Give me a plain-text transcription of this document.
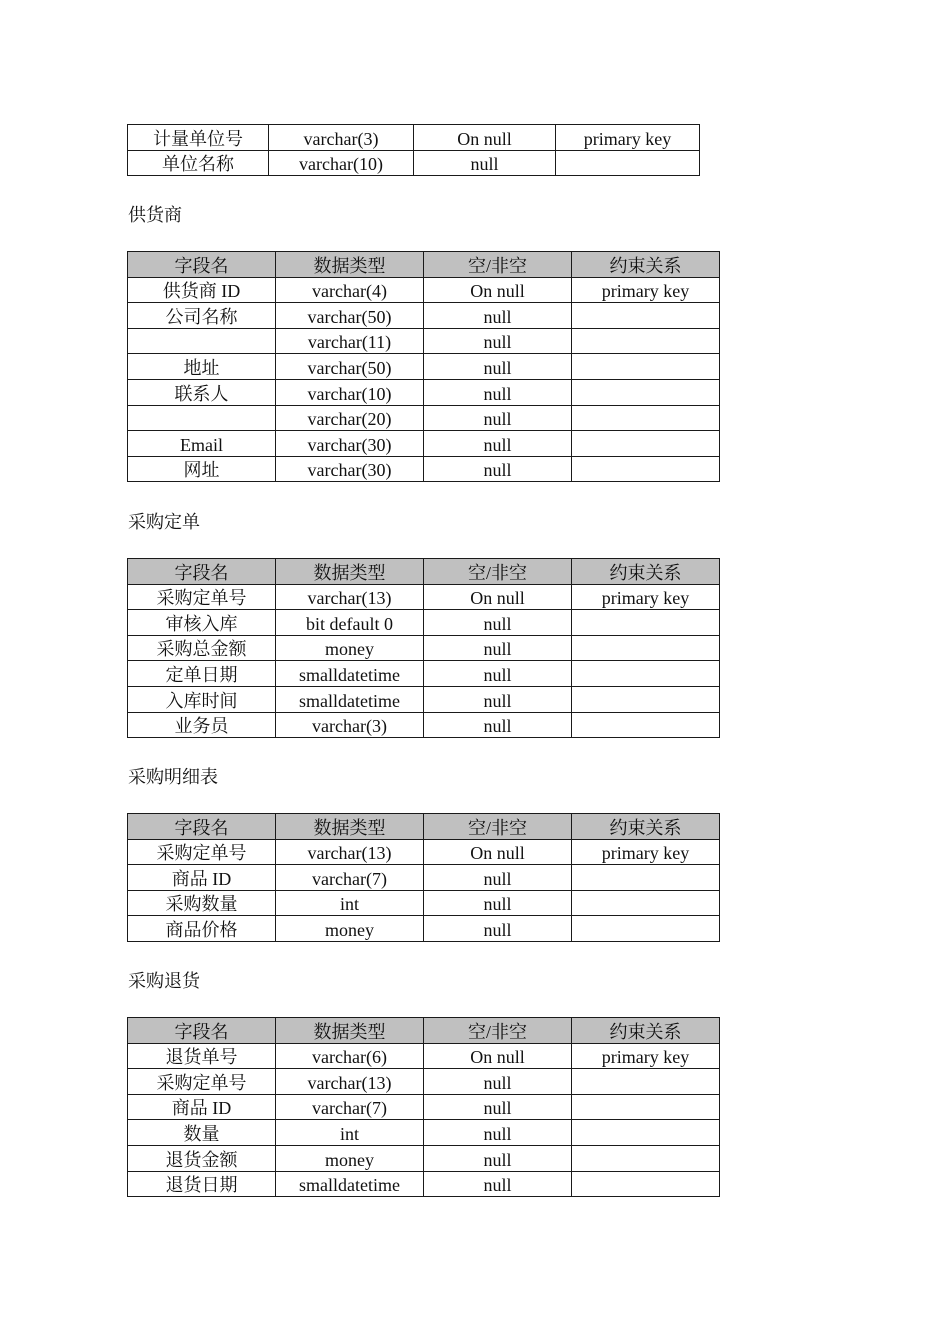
计量单位号	varchar(3)	On null	primary key
单位名称	varchar(10)	null	
供货商
字段名	数据类型	空/非空	约束关系
供货商 ID	varchar(4)	On null	primary key
公司名称	varchar(50)	null	
	varchar(11)	null	
地址	varchar(50)	null	
联系人	varchar(10)	null	
	varchar(20)	null	
Email	varchar(30)	null	
网址	varchar(30)	null	
采购定单
字段名	数据类型	空/非空	约束关系
采购定单号	varchar(13)	On null	primary key
审核入库	bit default 0	null	
采购总金额	money	null	
定单日期	smalldatetime	null	
入库时间	smalldatetime	null	
业务员	varchar(3)	null	
采购明细表
字段名	数据类型	空/非空	约束关系
采购定单号	varchar(13)	On null	primary key
商品 ID	varchar(7)	null	
采购数量	int	null	
商品价格	money	null	
采购退货
字段名	数据类型	空/非空	约束关系
退货单号	varchar(6)	On null	primary key
采购定单号	varchar(13)	null	
商品 ID	varchar(7)	null	
数量	int	null	
退货金额	money	null	
退货日期	smalldatetime	null	
